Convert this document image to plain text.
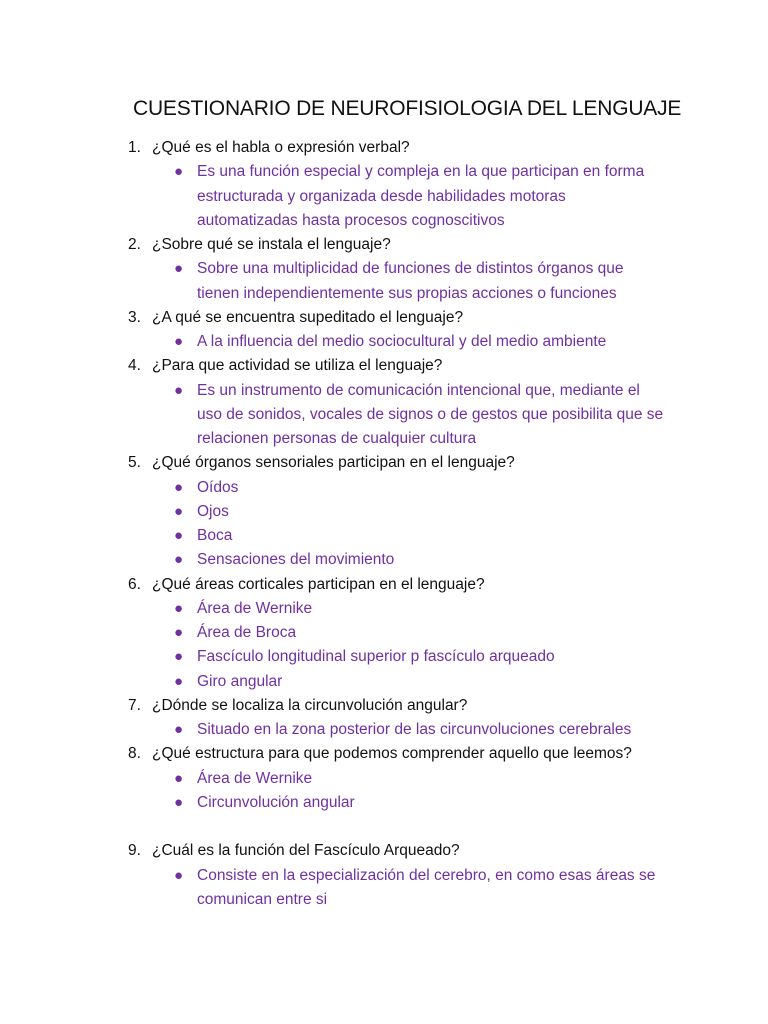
CUESTIONARIO DE NEUROFISIOLOGIA DEL LENGUAJE
1. ¿Qué es el habla o expresión verbal?
● Es una función especial y compleja en la que participan en forma estructurada y organizada desde habilidades motoras automatizadas hasta procesos cognoscitivos
2. ¿Sobre qué se instala el lenguaje?
● Sobre una multiplicidad de funciones de distintos órganos que tienen independientemente sus propias acciones o funciones
3. ¿A qué se encuentra supeditado el lenguaje?
● A la influencia del medio sociocultural y del medio ambiente
4. ¿Para que actividad se utiliza el lenguaje?
● Es un instrumento de comunicación intencional que, mediante el uso de sonidos, vocales de signos o de gestos que posibilita que se relacionen personas de cualquier cultura
5. ¿Qué órganos sensoriales participan en el lenguaje?
● Oídos
● Ojos
● Boca
● Sensaciones del movimiento
6. ¿Qué áreas corticales participan en el lenguaje?
● Área de Wernike
● Área de Broca
● Fascículo longitudinal superior p fascículo arqueado
● Giro angular
7. ¿Dónde se localiza la circunvolución angular?
● Situado en la zona posterior de las circunvoluciones cerebrales
8. ¿Qué estructura para que podemos comprender aquello que leemos?
● Área de Wernike
● Circunvolución angular
9. ¿Cuál es la función del Fascículo Arqueado?
● Consiste en la especialización del cerebro, en como esas áreas se comunican entre si
